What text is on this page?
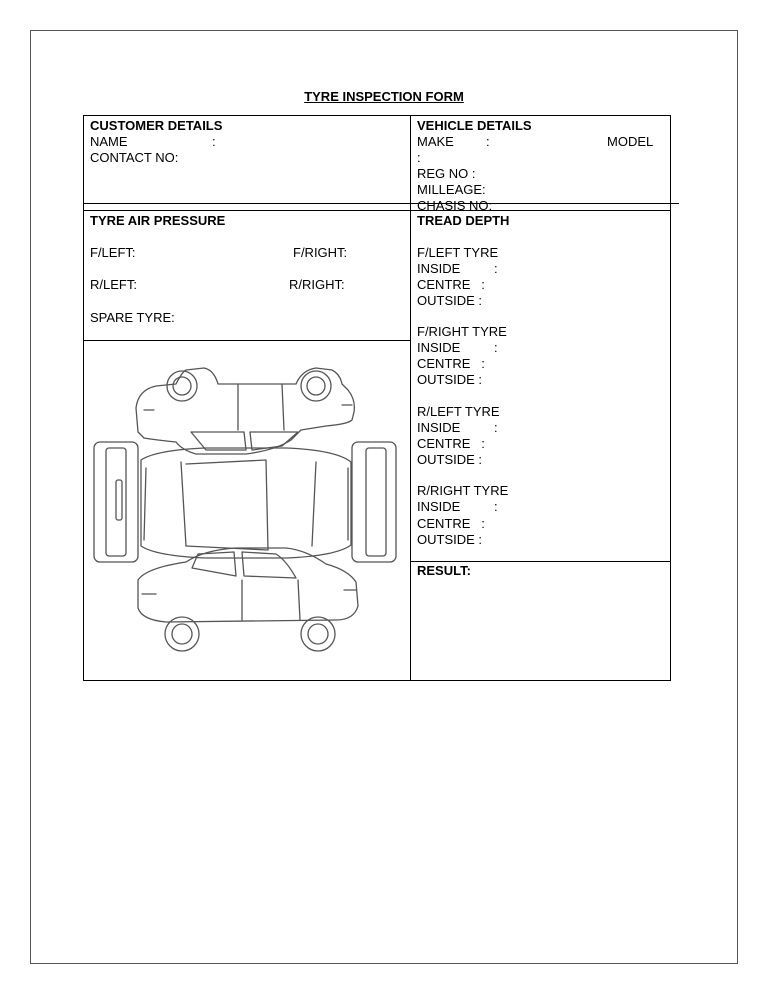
TYRE INSPECTION FORM
CUSTOMER DETAILS
NAME	:
CONTACT NO:
VEHICLE DETAILS
MAKE :	MODEL
:
REG NO :
MILLEAGE:
CHASIS NO:
TYRE AIR PRESSURE
F/LEFT:	F/RIGHT:
R/LEFT:	R/RIGHT:
SPARE TYRE:
TREAD DEPTH
F/LEFT TYRE
INSIDE	:
CENTRE   :
OUTSIDE :
F/RIGHT TYRE
INSIDE	:
CENTRE   :
OUTSIDE :
R/LEFT TYRE
INSIDE	:
CENTRE   :
OUTSIDE :
R/RIGHT TYRE
INSIDE	:
CENTRE   :
OUTSIDE :
RESULT:
